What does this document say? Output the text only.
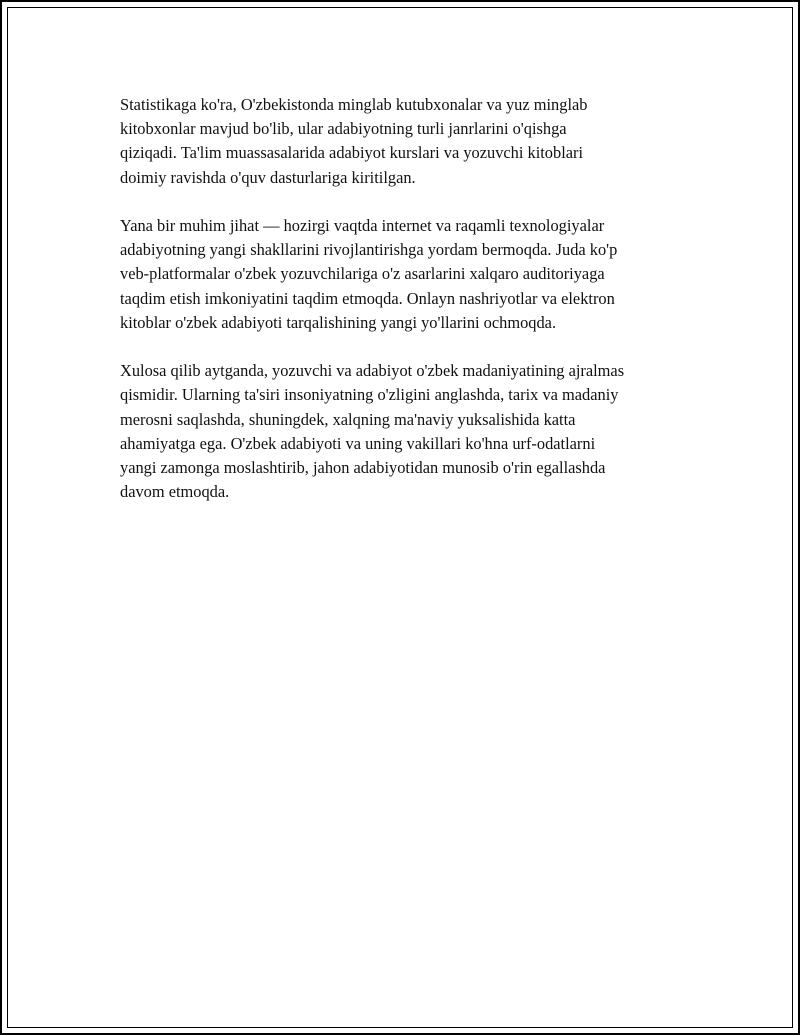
Statistikaga ko'ra, O'zbekistonda minglab kutubxonalar va yuz minglab
kitobxonlar mavjud bo'lib, ular adabiyotning turli janrlarini o'qishga
qiziqadi. Ta'lim muassasalarida adabiyot kurslari va yozuvchi kitoblari
doimiy ravishda o'quv dasturlariga kiritilgan.

Yana bir muhim jihat — hozirgi vaqtda internet va raqamli texnologiyalar
adabiyotning yangi shakllarini rivojlantirishga yordam bermoqda. Juda ko'p
veb-platformalar o'zbek yozuvchilariga o'z asarlarini xalqaro auditoriyaga
taqdim etish imkoniyatini taqdim etmoqda. Onlayn nashriyotlar va elektron
kitoblar o'zbek adabiyoti tarqalishining yangi yo'llarini ochmoqda.

Xulosa qilib aytganda, yozuvchi va adabiyot o'zbek madaniyatining ajralmas
qismidir. Ularning ta'siri insoniyatning o'zligini anglashda, tarix va madaniy
merosni saqlashda, shuningdek, xalqning ma'naviy yuksalishida katta
ahamiyatga ega. O'zbek adabiyoti va uning vakillari ko'hna urf-odatlarni
yangi zamonga moslashtirib, jahon adabiyotidan munosib o'rin egallashda
davom etmoqda.
